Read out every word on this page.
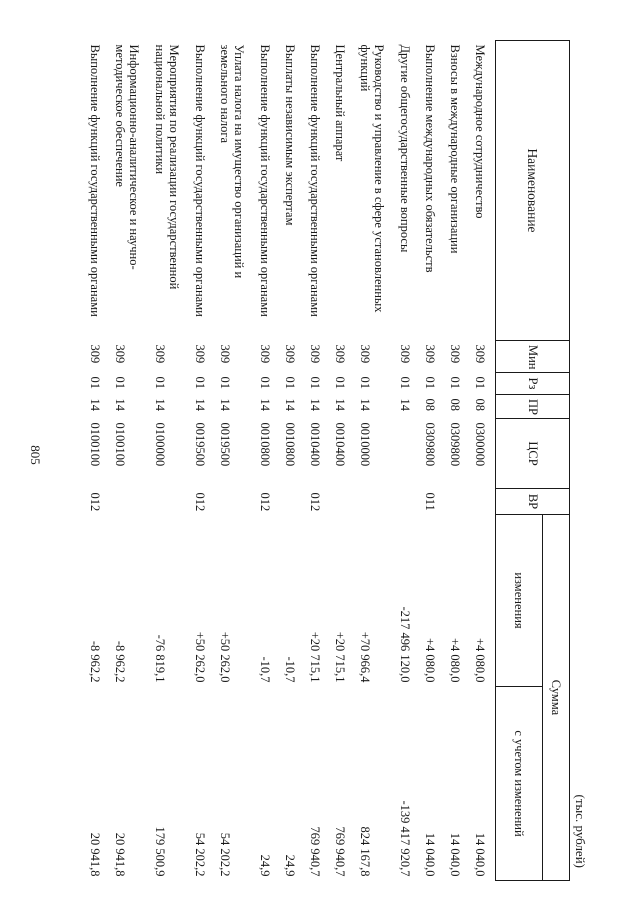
805
(тыс. рублей)
Наименование	Мин	Рз	ПР	ЦСР	ВР	Сумма	
						изменения	с учетом изменений
Международное сотрудничество	309	01	08	0300000		+4 080,0	14 040,0
Взносы в международные организации	309	01	08	0309800		+4 080,0	14 040,0
Выполнение международных обязательств	309	01	08	0309800	011	+4 080,0	14 040,0
Другие общегосударственные вопросы	309	01	14			-217 496 120,0	-139 417 920,7
Руководство и управление в сфере установленных функций	309	01	14	0010000		+70 966,4	824 167,8
Центральный аппарат	309	01	14	0010400		+20 715,1	769 940,7
Выполнение функций государственными органами	309	01	14	0010400	012	+20 715,1	769 940,7
Выплаты независимым экспертам	309	01	14	0010800		-10,7	24,9
Выполнение функций государственными органами	309	01	14	0010800	012	-10,7	24,9
Уплата налога на имущество организаций и земельного налога	309	01	14	0019500		+50 262,0	54 202,2
Выполнение функций государственными органами	309	01	14	0019500	012	+50 262,0	54 202,2
Мероприятия по реализации государственной национальной политики	309	01	14	0100000		-76 819,1	179 500,9
Информационно-аналитическое и научно-методическое обеспечение	309	01	14	0100100		-8 962,2	20 941,8
Выполнение функций государственными органами	309	01	14	0100100	012	-8 962,2	20 941,8
